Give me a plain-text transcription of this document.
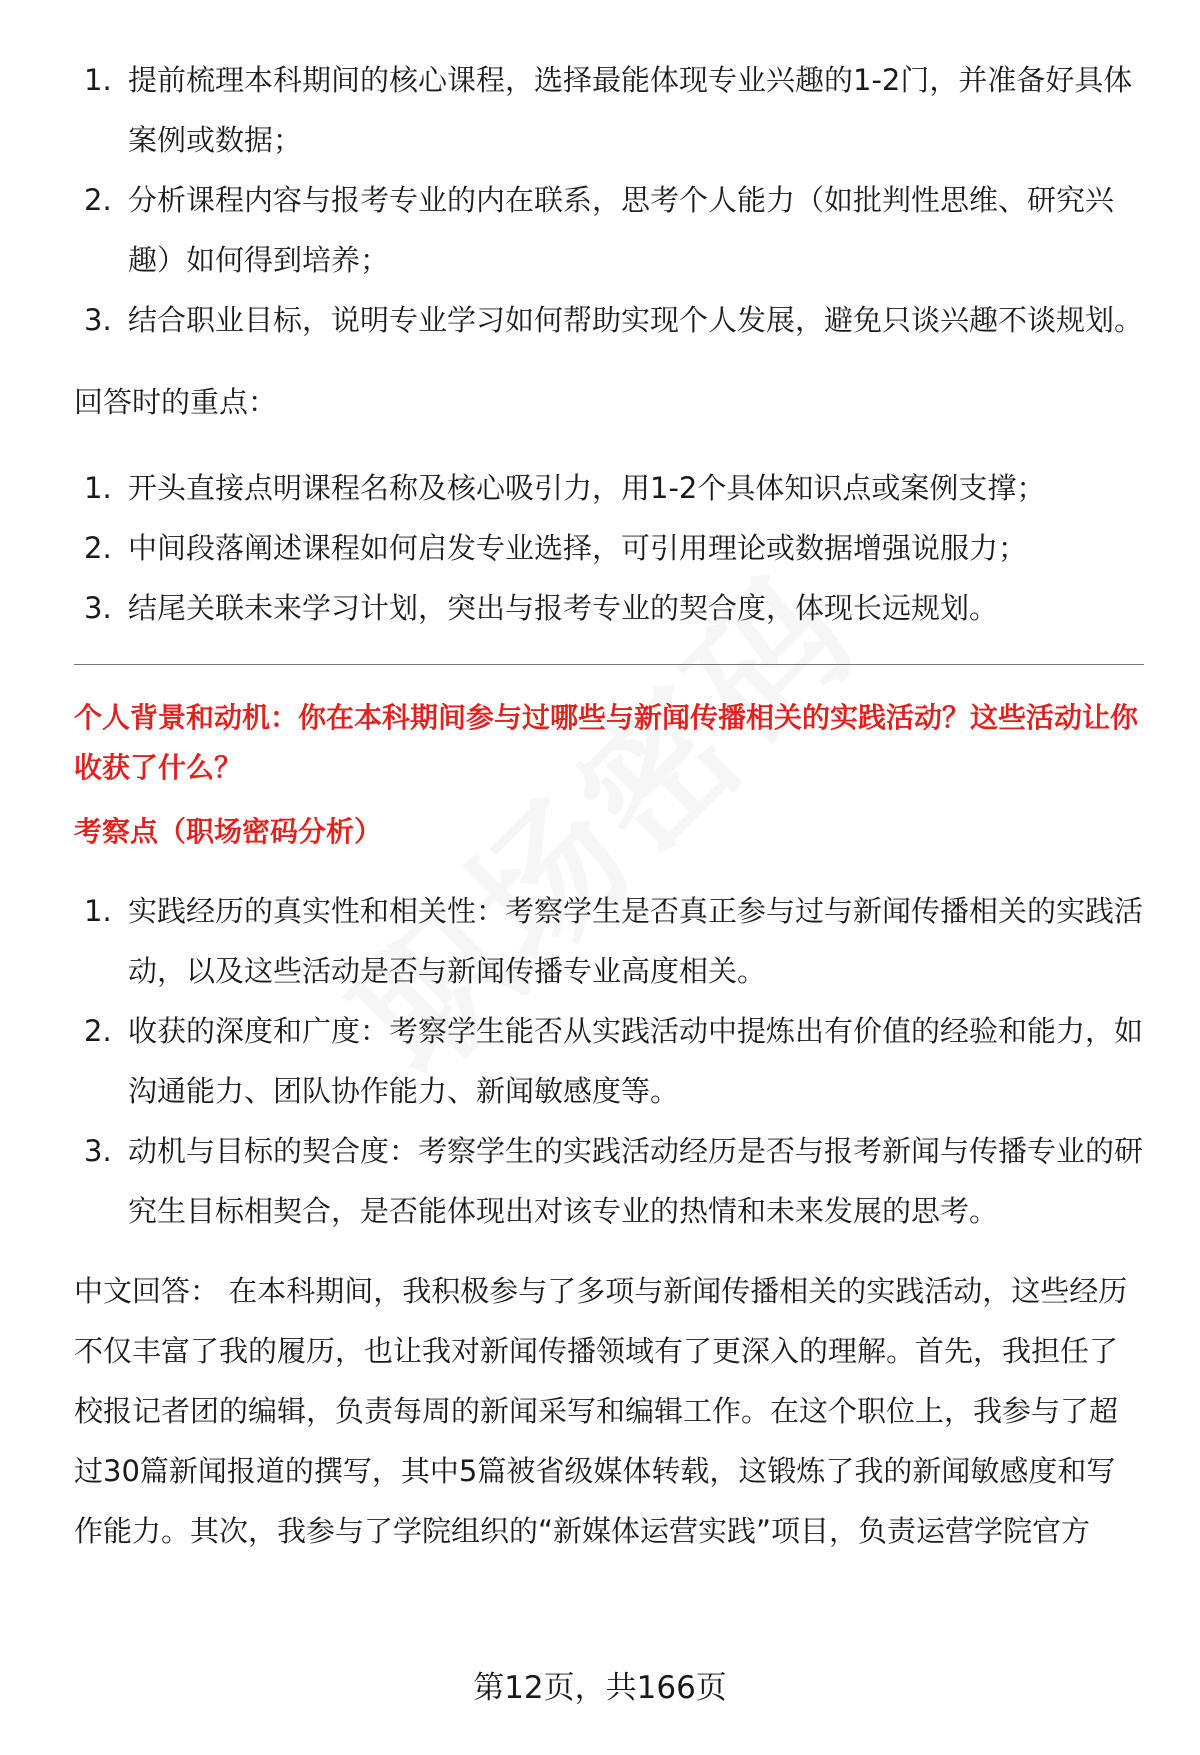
1. 提前梳理本科期间的核心课程，选择最能体现专业兴趣的1-2门，并准备好具体案例或数据；
2. 分析课程内容与报考专业的内在联系，思考个人能力（如批判性思维、研究兴趣）如何得到培养；
3. 结合职业目标，说明专业学习如何帮助实现个人发展，避免只谈兴趣不谈规划。

回答时的重点：

1. 开头直接点明课程名称及核心吸引力，用1-2个具体知识点或案例支撑；
2. 中间段落阐述课程如何启发专业选择，可引用理论或数据增强说服力；
3. 结尾关联未来学习计划，突出与报考专业的契合度，体现长远规划。

个人背景和动机：你在本科期间参与过哪些与新闻传播相关的实践活动？这些活动让你收获了什么？

考察点（职场密码分析）

1. 实践经历的真实性和相关性：考察学生是否真正参与过与新闻传播相关的实践活动，以及这些活动是否与新闻传播专业高度相关。
2. 收获的深度和广度：考察学生能否从实践活动中提炼出有价值的经验和能力，如沟通能力、团队协作能力、新闻敏感度等。
3. 动机与目标的契合度：考察学生的实践活动经历是否与报考新闻与传播专业的研究生目标相契合，是否能体现出对该专业的热情和未来发展的思考。

中文回答： 在本科期间，我积极参与了多项与新闻传播相关的实践活动，这些经历不仅丰富了我的履历，也让我对新闻传播领域有了更深入的理解。首先，我担任了校报记者团的编辑，负责每周的新闻采写和编辑工作。在这个职位上，我参与了超过30篇新闻报道的撰写，其中5篇被省级媒体转载，这锻炼了我的新闻敏感度和写作能力。其次，我参与了学院组织的“新媒体运营实践”项目，负责运营学院官方

第12页，共166页
